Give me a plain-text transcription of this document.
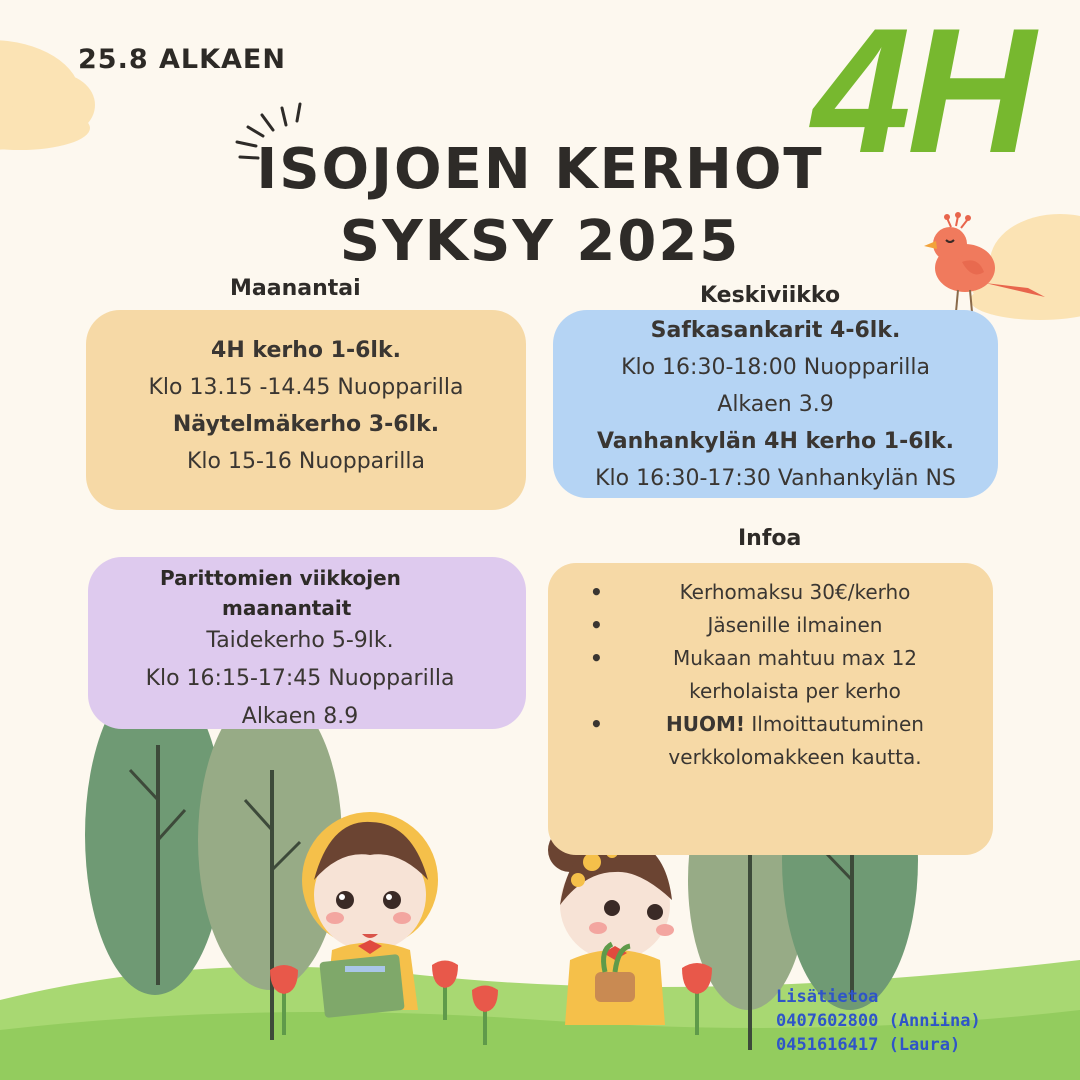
25.8 ALKAEN	4H
ISOJOEN KERHOT
SYKSY 2025
Maanantai
4H kerho 1-6lk.
Klo 13.15 -14.45 Nuopparilla
Näytelmäkerho 3-6lk.
Klo 15-16 Nuopparilla
Keskiviikko
Safkasankarit 4-6lk.
Klo 16:30-18:00 Nuopparilla
Alkaen 3.9
Vanhankylän 4H kerho 1-6lk.
Klo 16:30-17:30 Vanhankylän NS
Parittomien viikkojen
maanantait
Taidekerho 5-9lk.
Klo 16:15-17:45 Nuopparilla
Alkaen 8.9
Infoa
•	Kerhomaksu 30€/kerho
•	Jäsenille ilmainen
•	Mukaan mahtuu max 12
kerholaista per kerho
•	HUOM! Ilmoittautuminen
verkkolomakkeen kautta.
Lisätietoa
0407602800 (Anniina)
0451616417 (Laura)
